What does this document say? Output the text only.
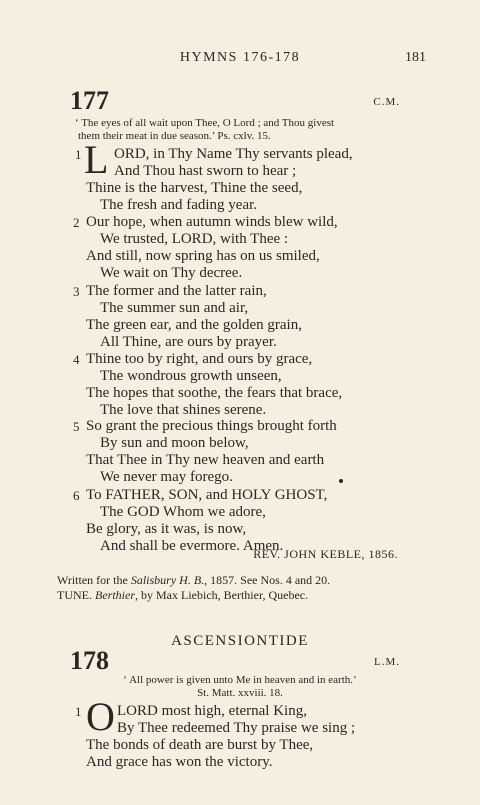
HYMNS 176-178	181
177	C.M.
‘ The eyes of all wait upon Thee, O Lord ; and Thou givest
them their meat in due season.’ Ps. cxlv. 15.
1 L ORD, in Thy Name Thy servants plead,
And Thou hast sworn to hear ;
Thine is the harvest, Thine the seed,
The fresh and fading year.
2 Our hope, when autumn winds blew wild,
We trusted, LORD, with Thee :
And still, now spring has on us smiled,
We wait on Thy decree.
3 The former and the latter rain,
The summer sun and air,
The green ear, and the golden grain,
All Thine, are ours by prayer.
4 Thine too by right, and ours by grace,
The wondrous growth unseen,
The hopes that soothe, the fears that brace,
The love that shines serene.
5 So grant the precious things brought forth
By sun and moon below,
That Thee in Thy new heaven and earth
We never may forego.
6 To FATHER, SON, and HOLY GHOST,
The GOD Whom we adore,
Be glory, as it was, is now,
And shall be evermore. Amen.
REV. JOHN KEBLE, 1856.
Written for the Salisbury H. B., 1857. See Nos. 4 and 20.
TUNE. Berthier, by Max Liebich, Berthier, Quebec.
ASCENSIONTIDE
178	L.M.
‘ All power is given unto Me in heaven and in earth.’
St. Matt. xxviii. 18.
1 O LORD most high, eternal King,
By Thee redeemed Thy praise we sing ;
The bonds of death are burst by Thee,
And grace has won the victory.
